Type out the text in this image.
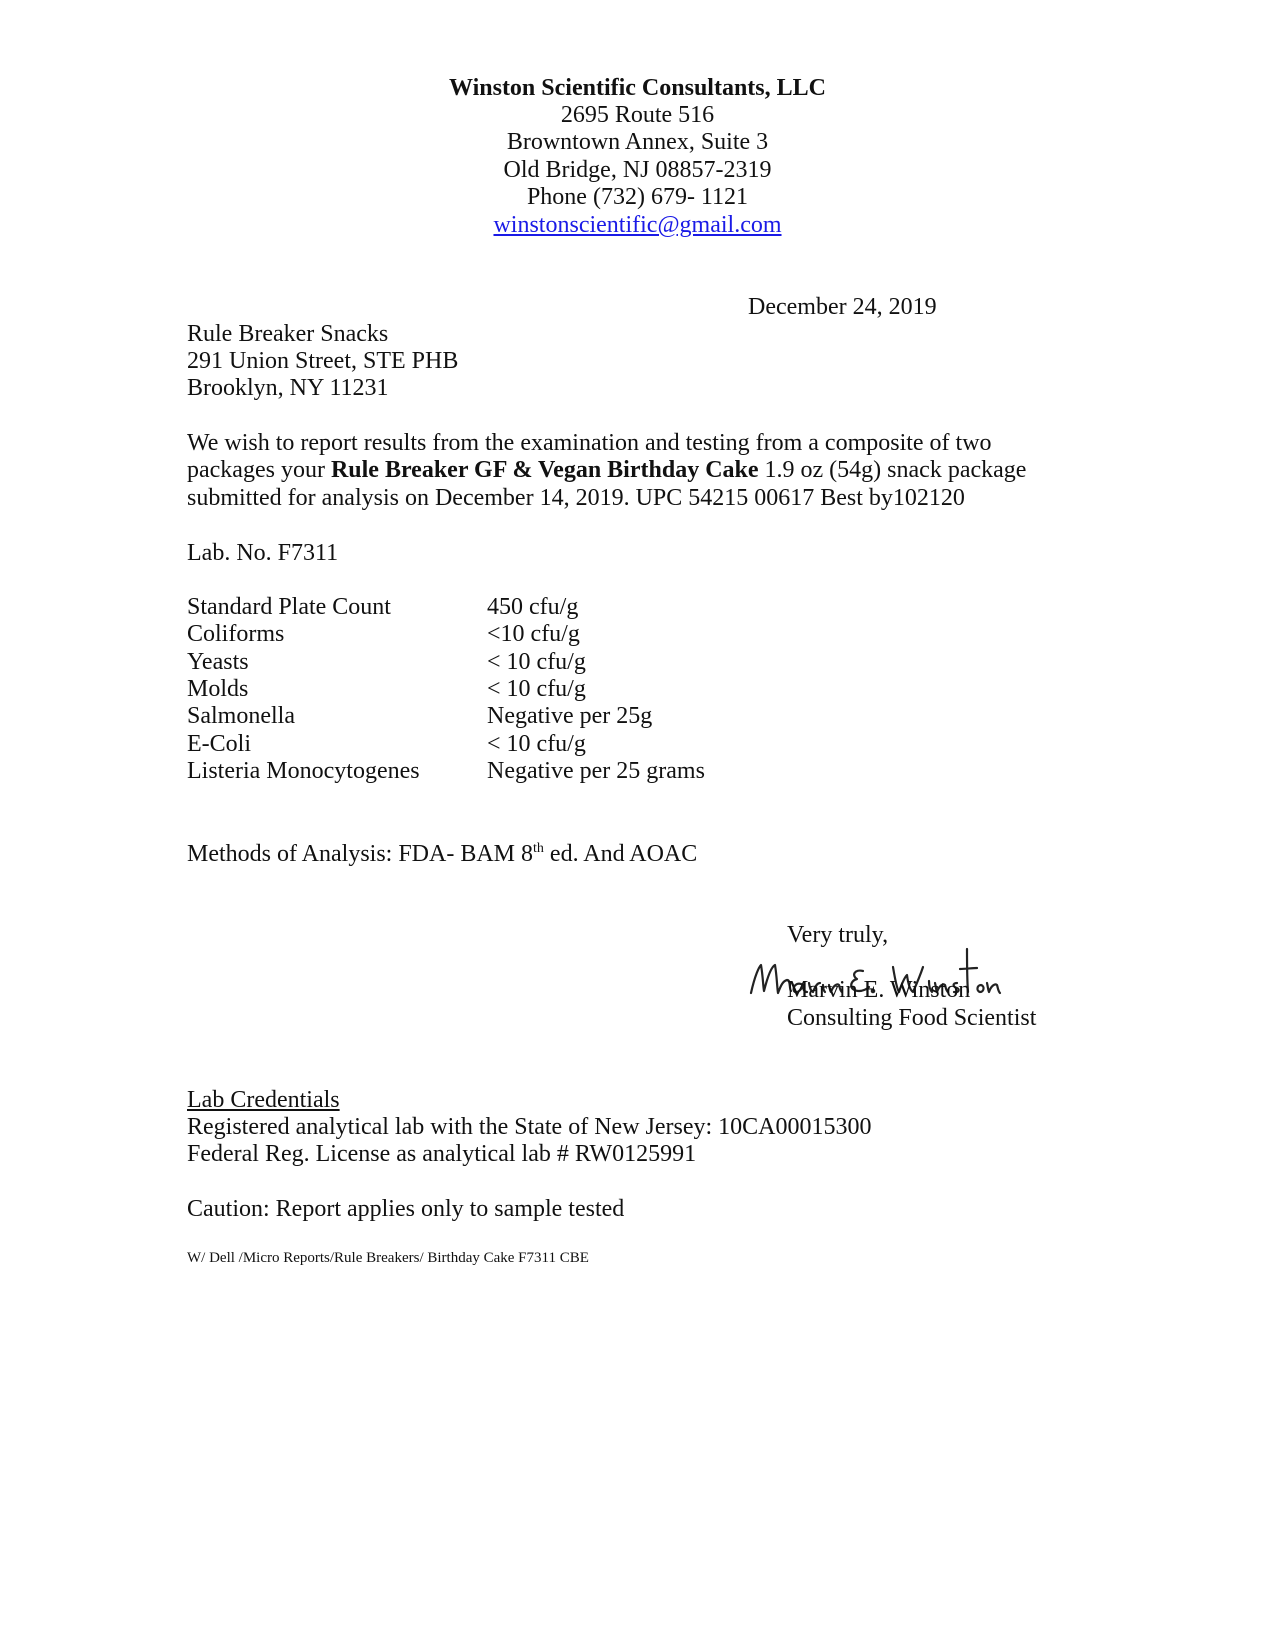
Winston Scientific Consultants, LLC
2695 Route 516
Browntown Annex, Suite 3
Old Bridge, NJ 08857-2319
Phone (732) 679- 1121
winstonscientific@gmail.com
December 24, 2019
Rule Breaker Snacks
291 Union Street, STE PHB
Brooklyn, NY 11231
We wish to report results from the examination and testing from a composite of two
packages your Rule Breaker GF & Vegan Birthday Cake 1.9 oz (54g) snack package
submitted for analysis on December 14, 2019. UPC 54215 00617 Best by102120
Lab. No. F7311
Standard Plate Count	450 cfu/g
Coliforms	<10 cfu/g
Yeasts	< 10 cfu/g
Molds	< 10 cfu/g
Salmonella	Negative per 25g
E-Coli	< 10 cfu/g
Listeria Monocytogenes	Negative per 25 grams
Methods of Analysis: FDA- BAM 8th ed. And AOAC
Very truly,
Marvin E. Winston
Consulting Food Scientist
Lab Credentials
Registered analytical lab with the State of New Jersey: 10CA00015300
Federal Reg. License as analytical lab # RW0125991
Caution: Report applies only to sample tested
W/ Dell /Micro Reports/Rule Breakers/ Birthday Cake F7311 CBE
